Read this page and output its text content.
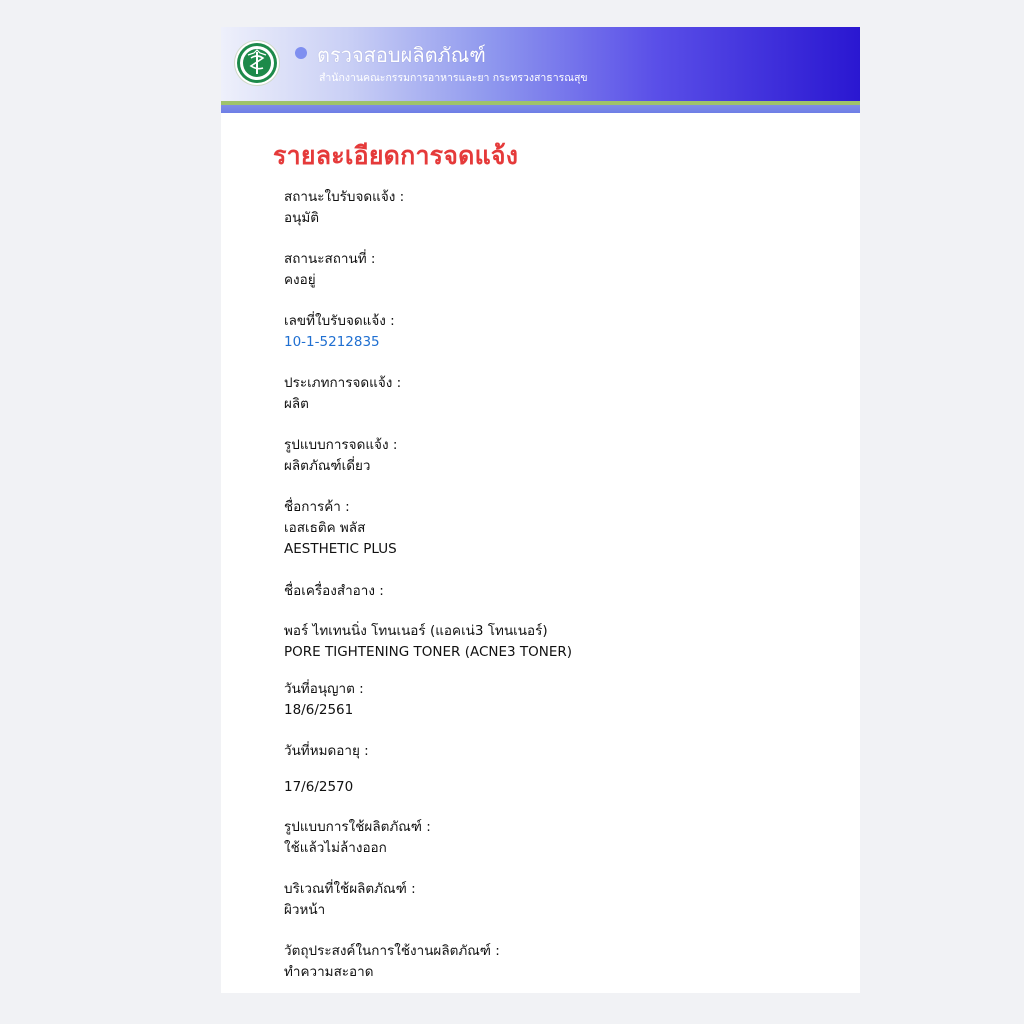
ตรวจสอบผลิตภัณฑ์
สำนักงานคณะกรรมการอาหารและยา กระทรวงสาธารณสุข
รายละเอียดการจดแจ้ง
สถานะใบรับจดแจ้ง :
อนุมัติ
สถานะสถานที่ :
คงอยู่
เลขที่ใบรับจดแจ้ง :
10-1-5212835
ประเภทการจดแจ้ง :
ผลิต
รูปแบบการจดแจ้ง :
ผลิตภัณฑ์เดี่ยว
ชื่อการค้า :
เอสเธติค พลัส
AESTHETIC PLUS
ชื่อเครื่องสำอาง :
พอร์ ไทเทนนิ่ง โทนเนอร์ (แอคเน่3 โทนเนอร์)
PORE TIGHTENING TONER (ACNE3 TONER)
วันที่อนุญาต :
18/6/2561
วันที่หมดอายุ :
17/6/2570
รูปแบบการใช้ผลิตภัณฑ์ :
ใช้แล้วไม่ล้างออก
บริเวณที่ใช้ผลิตภัณฑ์ :
ผิวหน้า
วัตถุประสงค์ในการใช้งานผลิตภัณฑ์ :
ทำความสะอาด
